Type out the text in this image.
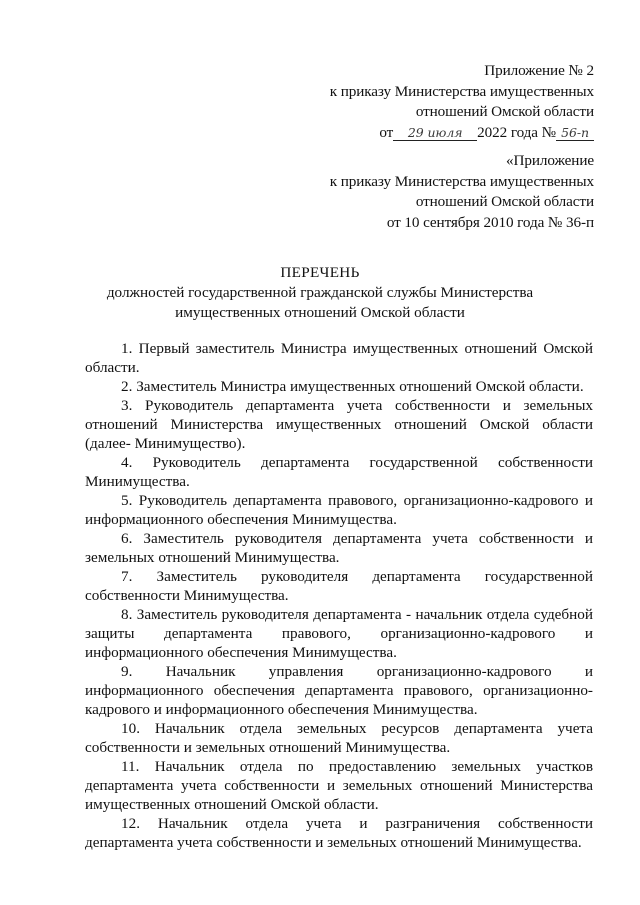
Приложение № 2
к приказу Министерства имущественных
отношений Омской области
от 29 июля 2022 года № 56-п
«Приложение
к приказу Министерства имущественных
отношений Омской области
от 10 сентября 2010 года № 36-п
ПЕРЕЧЕНЬ
должностей государственной гражданской службы Министерства
имущественных отношений Омской области

1. Первый заместитель Министра имущественных отношений Омской области.

2. Заместитель Министра имущественных отношений Омской области.

3. Руководитель департамента учета собственности и земельных отношений Министерства имущественных отношений Омской области (далее- Минимущество).

4. Руководитель департамента государственной собственности Минимущества.

5. Руководитель департамента правового, организационно-кадрового и информационного обеспечения Минимущества.

6. Заместитель руководителя департамента учета собственности и земельных отношений Минимущества.

7. Заместитель руководителя департамента государственной собственности Минимущества.

8. Заместитель руководителя департамента - начальник отдела судебной защиты департамента правового, организационно-кадрового и информационного обеспечения Минимущества.

9. Начальник управления организационно-кадрового и информационного обеспечения департамента правового, организационно-кадрового и информационного обеспечения Минимущества.

10. Начальник отдела земельных ресурсов департамента учета собственности и земельных отношений Минимущества.

11. Начальник отдела по предоставлению земельных участков департамента учета собственности и земельных отношений Министерства имущественных отношений Омской области.

12. Начальник отдела учета и разграничения собственности департамента учета собственности и земельных отношений Минимущества.
